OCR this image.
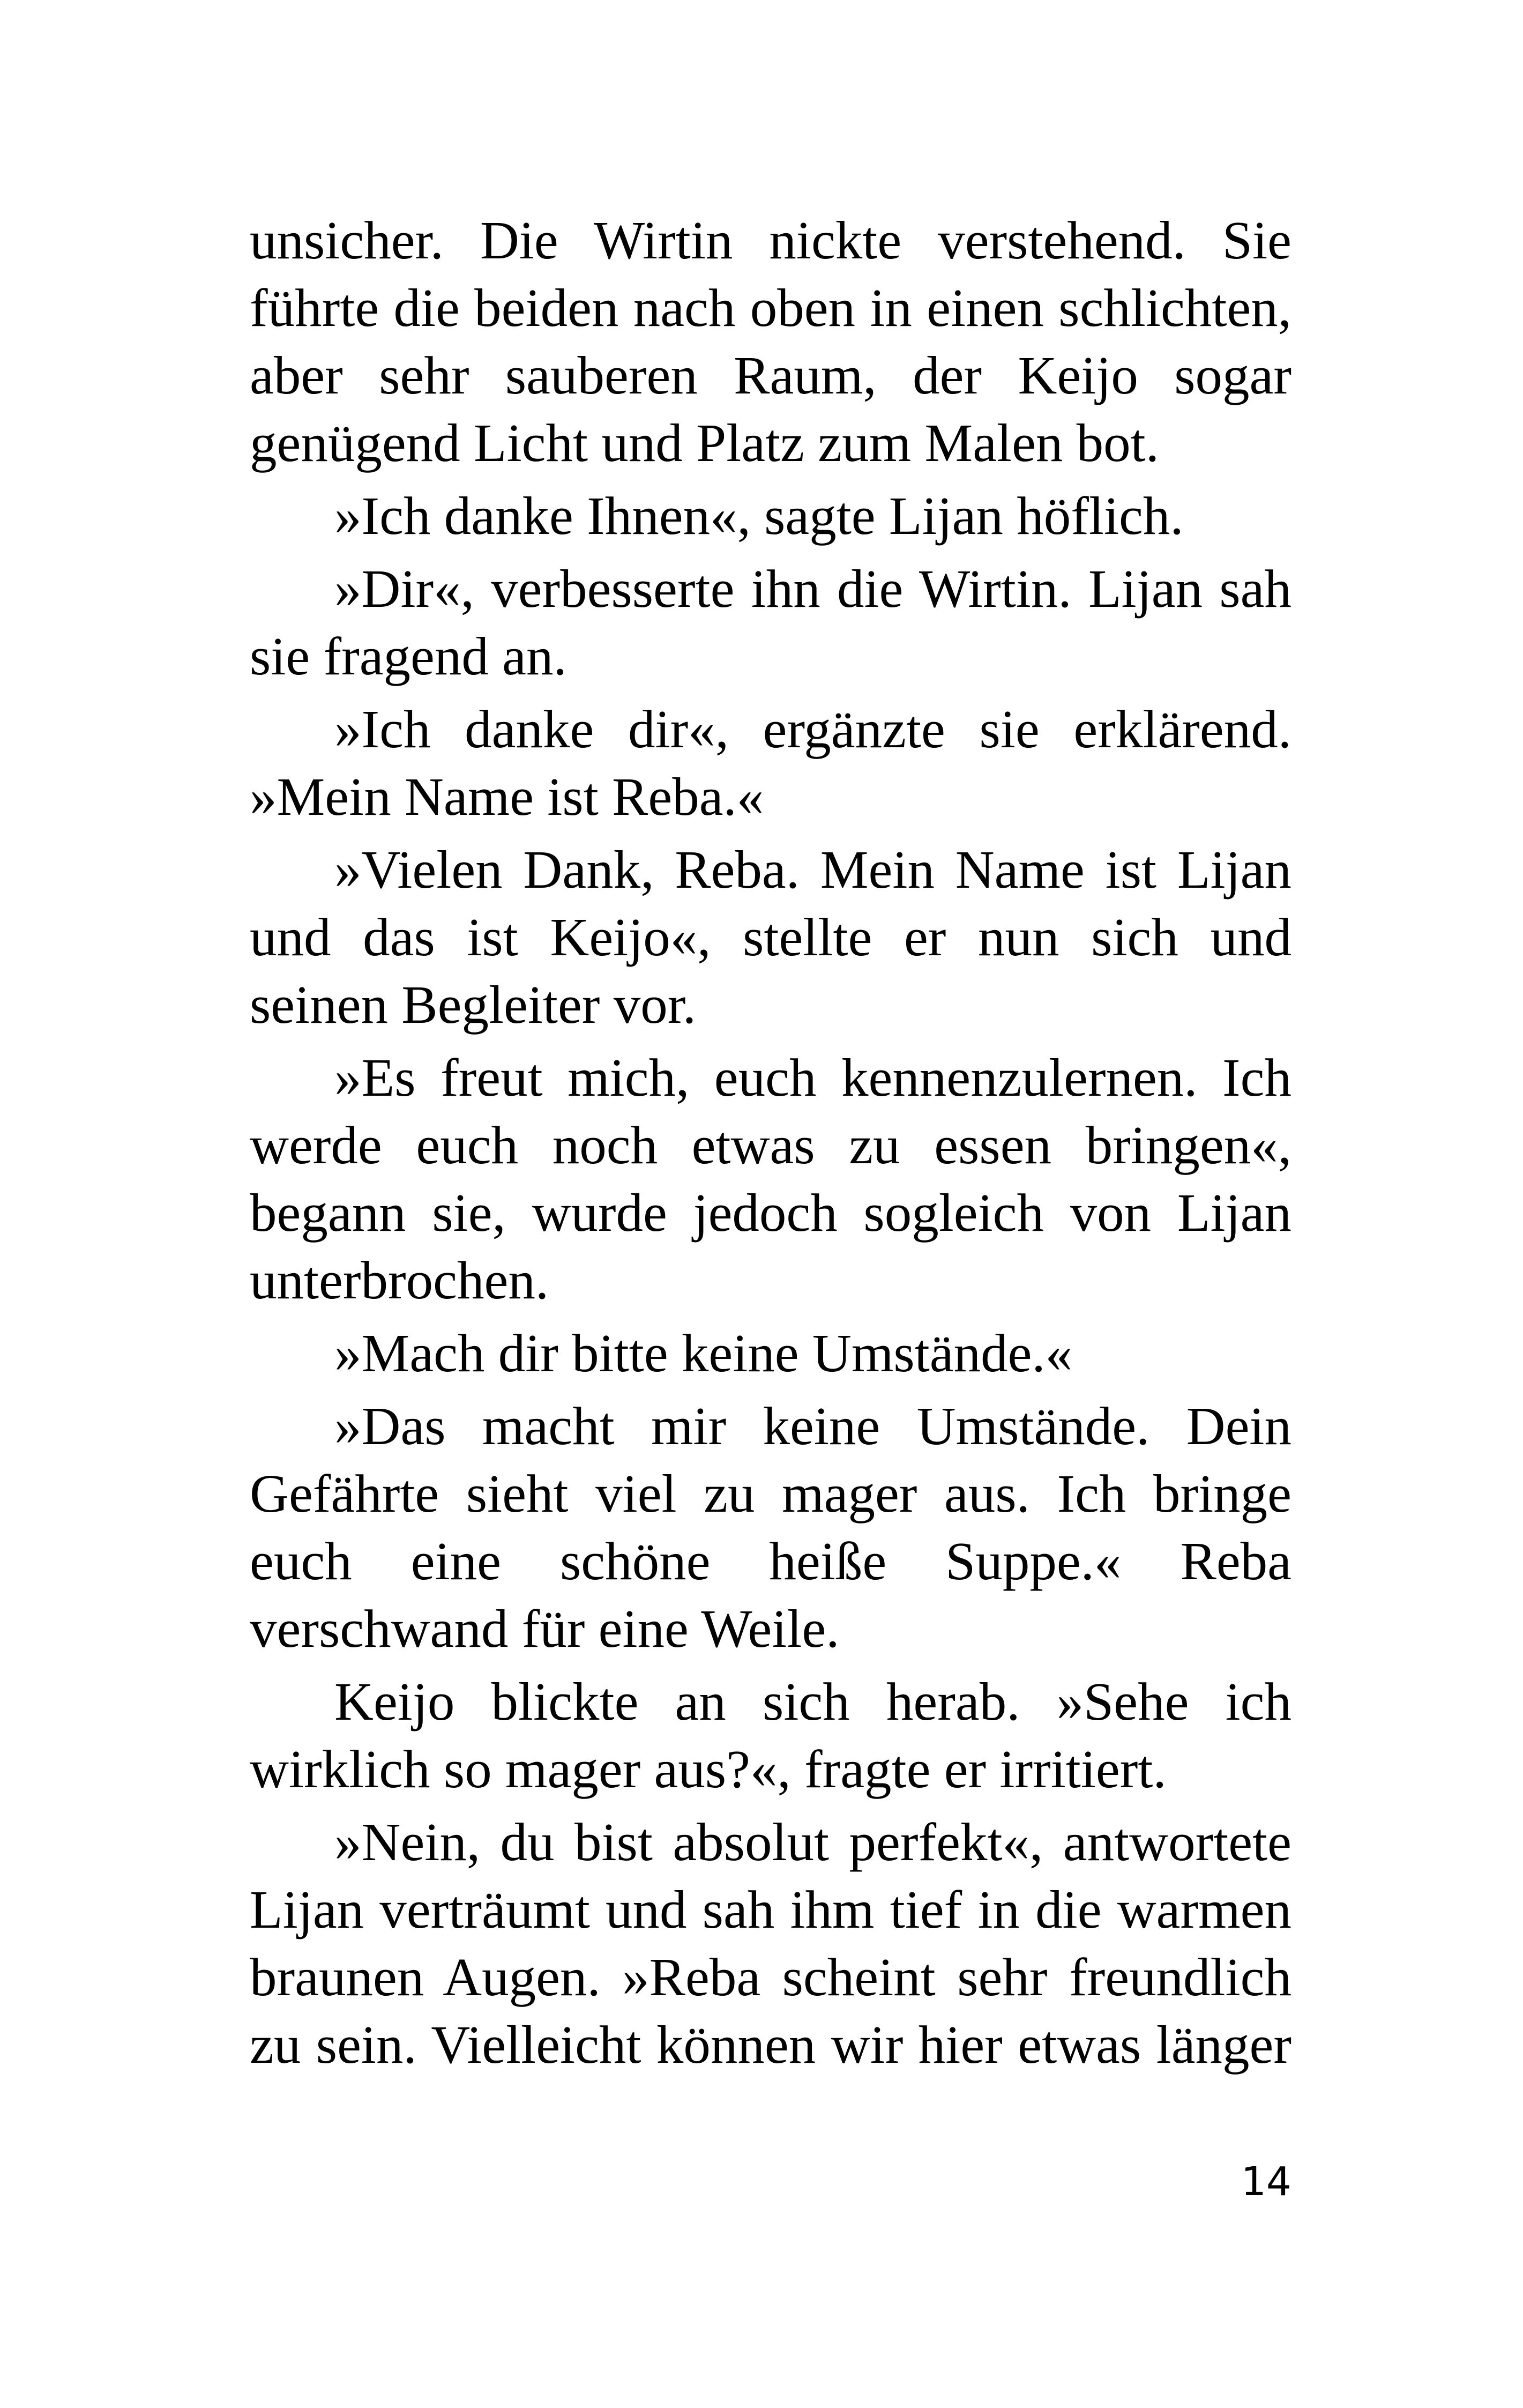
unsicher. Die Wirtin nickte verstehend. Sie führte die beiden nach oben in einen schlichten, aber sehr sauberen Raum, der Keijo sogar genügend Licht und Platz zum Malen bot.

»Ich danke Ihnen«, sagte Lijan höflich.

»Dir«, verbesserte ihn die Wirtin. Lijan sah sie fragend an.

»Ich danke dir«, ergänzte sie erklärend. »Mein Name ist Reba.«

»Vielen Dank, Reba. Mein Name ist Lijan und das ist Keijo«, stellte er nun sich und seinen Begleiter vor.

»Es freut mich, euch kennenzulernen. Ich werde euch noch etwas zu essen bringen«, begann sie, wurde jedoch sogleich von Lijan unterbrochen.

»Mach dir bitte keine Umstände.«

»Das macht mir keine Umstände. Dein Gefährte sieht viel zu mager aus. Ich bringe euch eine schöne heiße Suppe.« Reba verschwand für eine Weile.

Keijo blickte an sich herab. »Sehe ich wirklich so mager aus?«, fragte er irritiert.

»Nein, du bist absolut perfekt«, antwortete Lijan verträumt und sah ihm tief in die warmen braunen Augen. »Reba scheint sehr freundlich zu sein. Vielleicht können wir hier etwas länger

14
